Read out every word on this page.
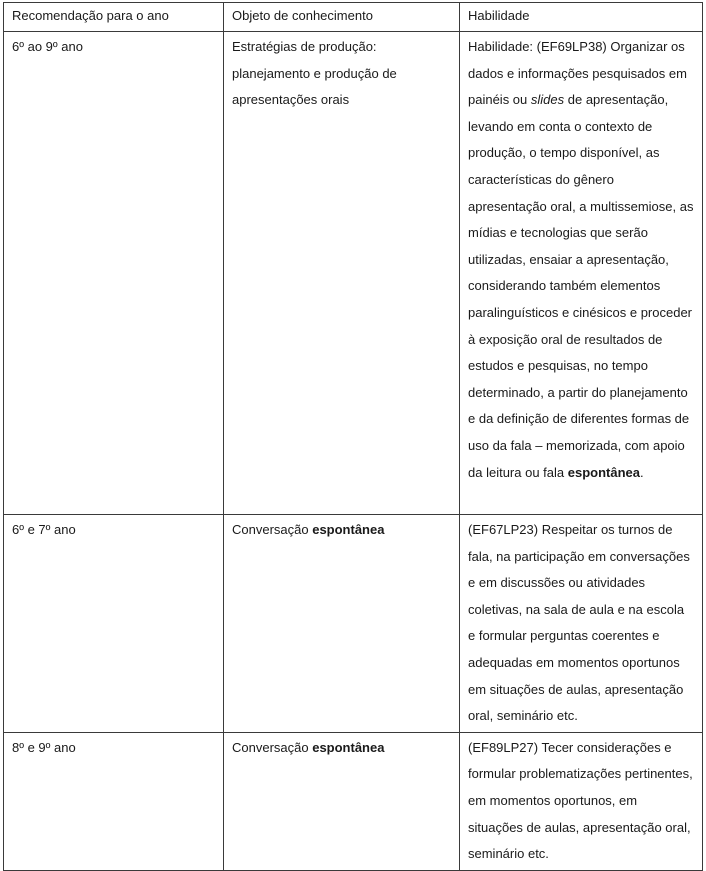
Recomendação para o ano	Objeto de conhecimento	Habilidade
6º ao 9º ano	Estratégias de produção: planejamento e produção de apresentações orais	Habilidade: (EF69LP38) Organizar os dados e informações pesquisados em painéis ou slides de apresentação, levando em conta o contexto de produção, o tempo disponível, as características do gênero apresentação oral, a multissemiose, as mídias e tecnologias que serão utilizadas, ensaiar a apresentação, considerando também elementos paralinguísticos e cinésicos e proceder à exposição oral de resultados de estudos e pesquisas, no tempo determinado, a partir do planejamento e da definição de diferentes formas de uso da fala – memorizada, com apoio da leitura ou fala espontânea.
6º e 7º ano	Conversação espontânea	(EF67LP23) Respeitar os turnos de fala, na participação em conversações e em discussões ou atividades coletivas, na sala de aula e na escola e formular perguntas coerentes e adequadas em momentos oportunos em situações de aulas, apresentação oral, seminário etc.
8º e 9º ano	Conversação espontânea	(EF89LP27) Tecer considerações e formular problematizações pertinentes, em momentos oportunos, em situações de aulas, apresentação oral, seminário etc.
